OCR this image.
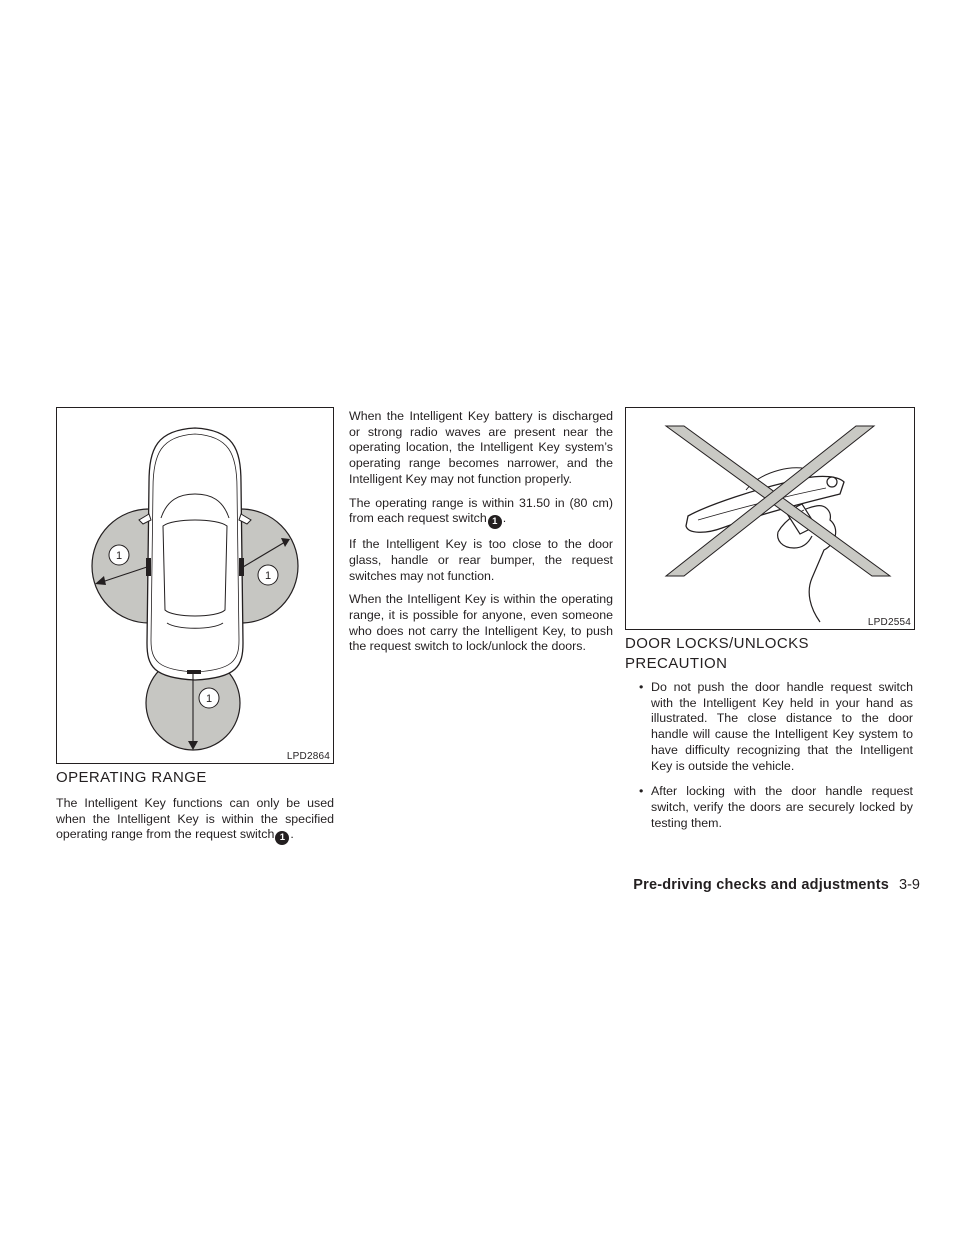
1
1
1
LPD2864
LPD2554
OPERATING RANGE

The Intelligent Key functions can only be used when the Intelligent Key is within the specified operating range from the request switch 1 .

When the Intelligent Key battery is discharged or strong radio waves are present near the operating location, the Intelligent Key system’s operating range becomes narrower, and the Intelligent Key may not function properly.

The operating range is within 31.50 in (80 cm) from each request switch 1 .

If the Intelligent Key is too close to the door glass, handle or rear bumper, the request switches may not function.

When the Intelligent Key is within the operating range, it is possible for anyone, even someone who does not carry the Intelligent Key, to push the request switch to lock/unlock the doors.	DOOR LOCKS/UNLOCKS
PRECAUTION
• Do not push the door handle request switch with the Intelligent Key held in your hand as illustrated. The close distance to the door handle will cause the Intelligent Key system to have difficulty recognizing that the Intelligent Key is outside the vehicle.
• After locking with the door handle request switch, verify the doors are securely locked by testing them.
Pre-driving checks and adjustments 3-9
